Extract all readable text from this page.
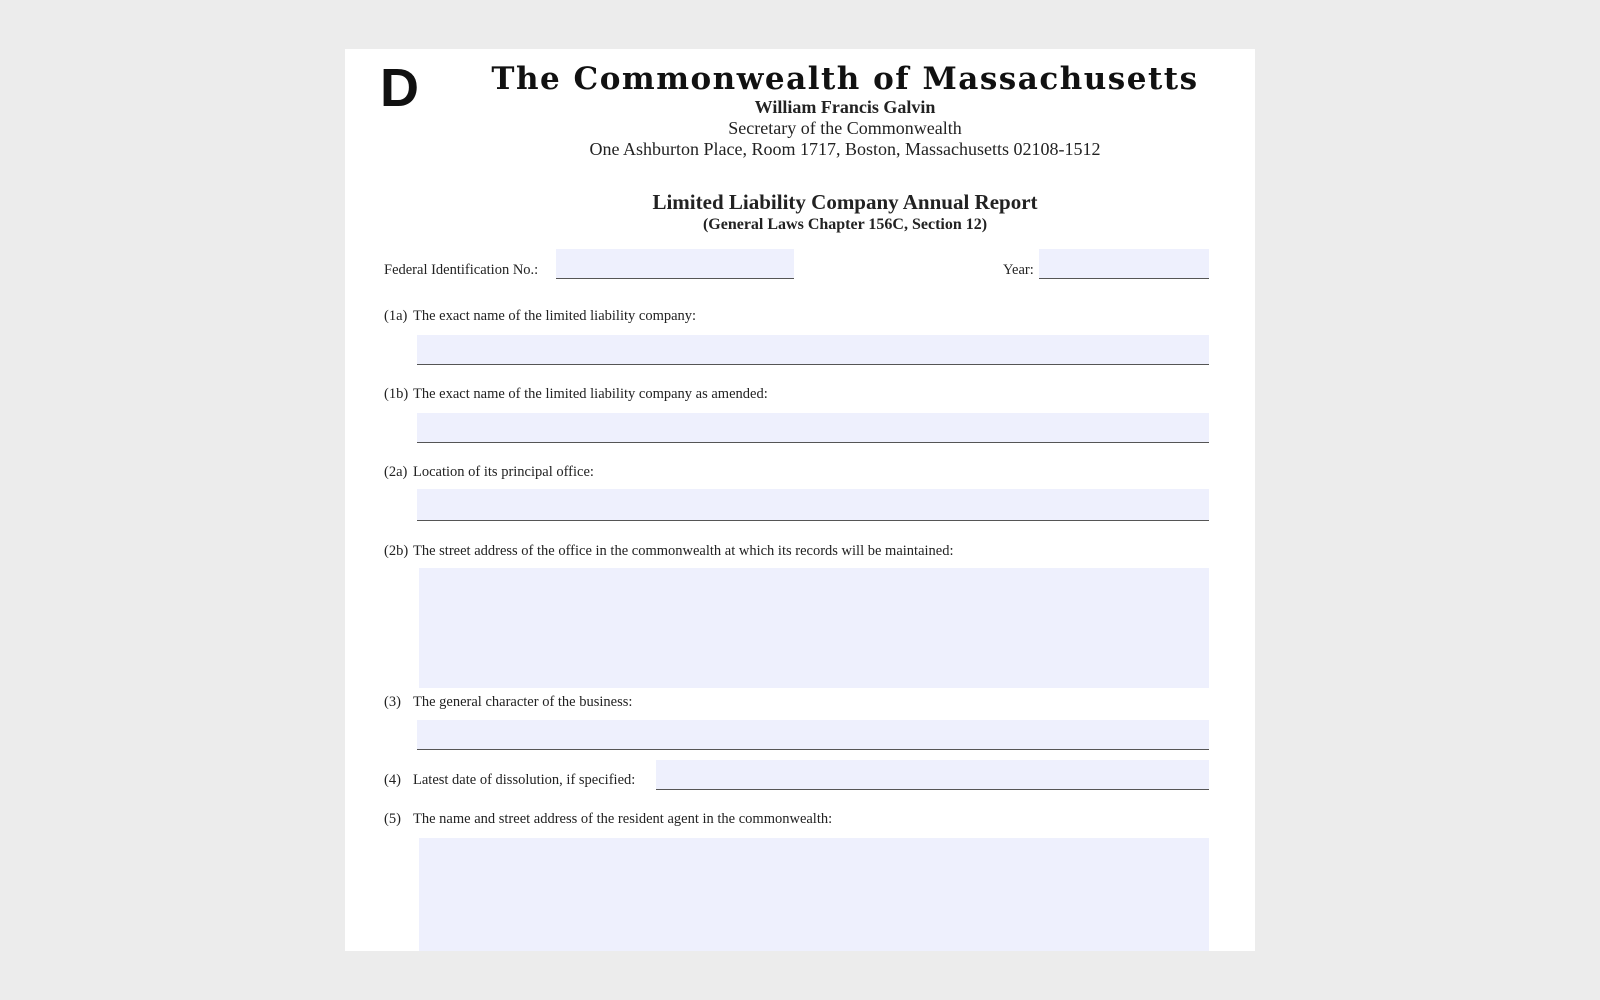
D	The Commonwealth of Massachusetts
William Francis Galvin
Secretary of the Commonwealth
One Ashburton Place, Room 1717, Boston, Massachusetts 02108-1512
Limited Liability Company Annual Report
(General Laws Chapter 156C, Section 12)
Federal Identification No.:	Year:
(1a) The exact name of the limited liability company:
(1b) The exact name of the limited liability company as amended:
(2a) Location of its principal office:
(2b) The street address of the office in the commonwealth at which its records will be maintained:
(3) The general character of the business:
(4) Latest date of dissolution, if specified:
(5) The name and street address of the resident agent in the commonwealth:
